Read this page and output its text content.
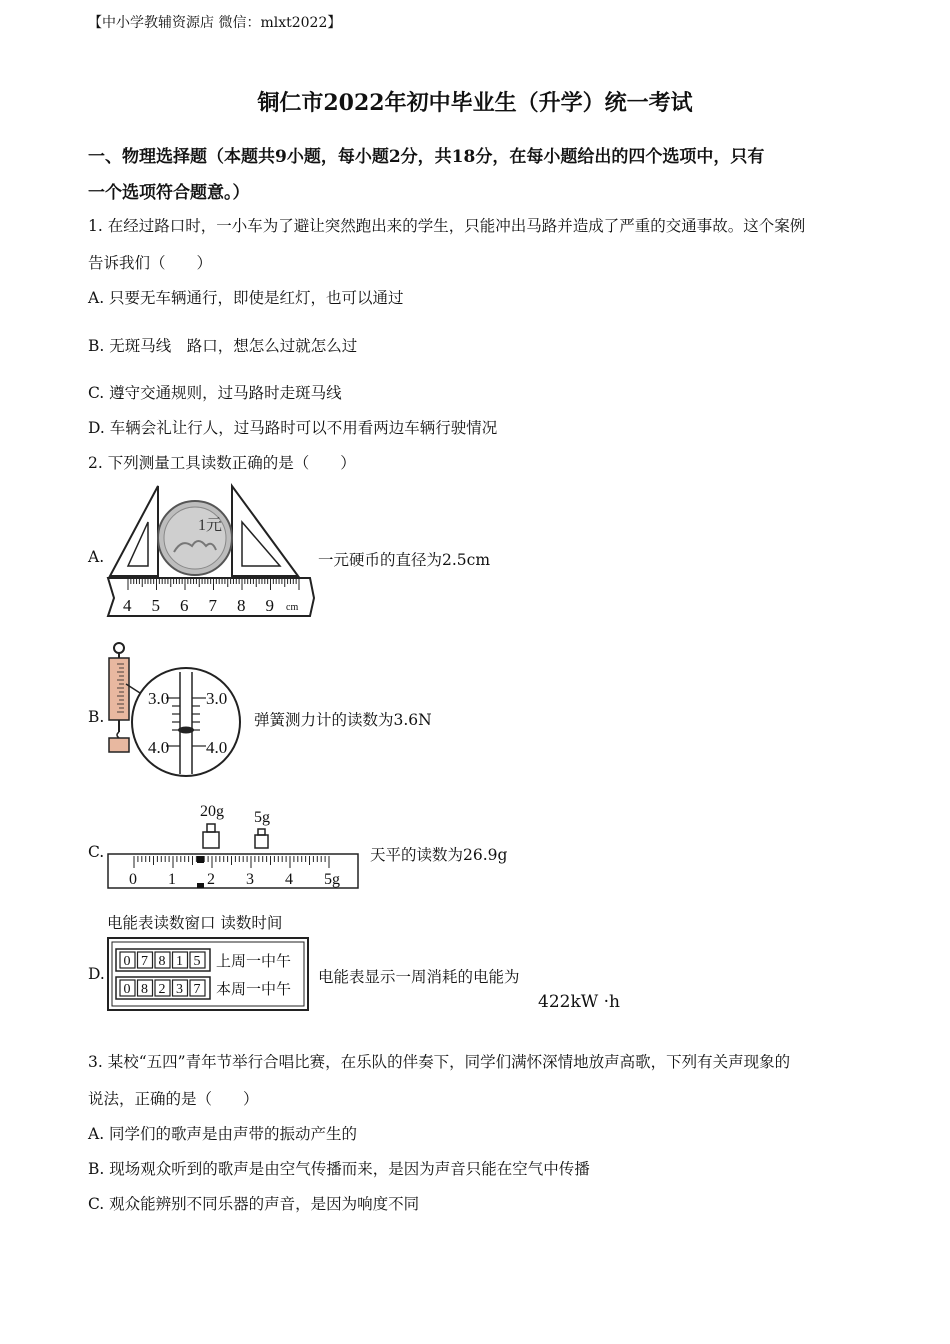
【中小学教辅资源店 微信：mlxt2022】
铜仁市2022年初中毕业生（升学）统一考试
一、物理选择题（本题共9小题，每小题2分，共18分，在每小题给出的四个选项中，只有
一个选项符合题意。）
1. 在经过路口时，一小车为了避让突然跑出来的学生，只能冲出马路并造成了严重的交通事故。这个案例
告诉我们（　　）
A. 只要无车辆通行，即使是红灯，也可以通过
B. 无斑马线　路口，想怎么过就怎么过
C. 遵守交通规则，过马路时走斑马线
D. 车辆会礼让行人，过马路时可以不用看两边车辆行驶情况
2. 下列测量工具读数正确的是（　　）
A.
1元
4 5 6 7 8 9 cm
一元硬币的直径为2.5cm
B.
3.0 3.0
4.0 4.0
弹簧测力计的读数为3.6N
C.
20g 5g
0 1 2 3 4 5g
天平的读数为26.9g
电能表读数窗口 读数时间
D.
0 7 8 1 5
0 8 2 3 7
上周一中午
本周一中午
电能表显示一周消耗的电能为
422kW ·h
3. 某校“五四”青年节举行合唱比赛，在乐队的伴奏下，同学们满怀深情地放声高歌，下列有关声现象的
说法，正确的是（　　）
A. 同学们的歌声是由声带的振动产生的
B. 现场观众听到的歌声是由空气传播而来，是因为声音只能在空气中传播
C. 观众能辨别不同乐器的声音，是因为响度不同
